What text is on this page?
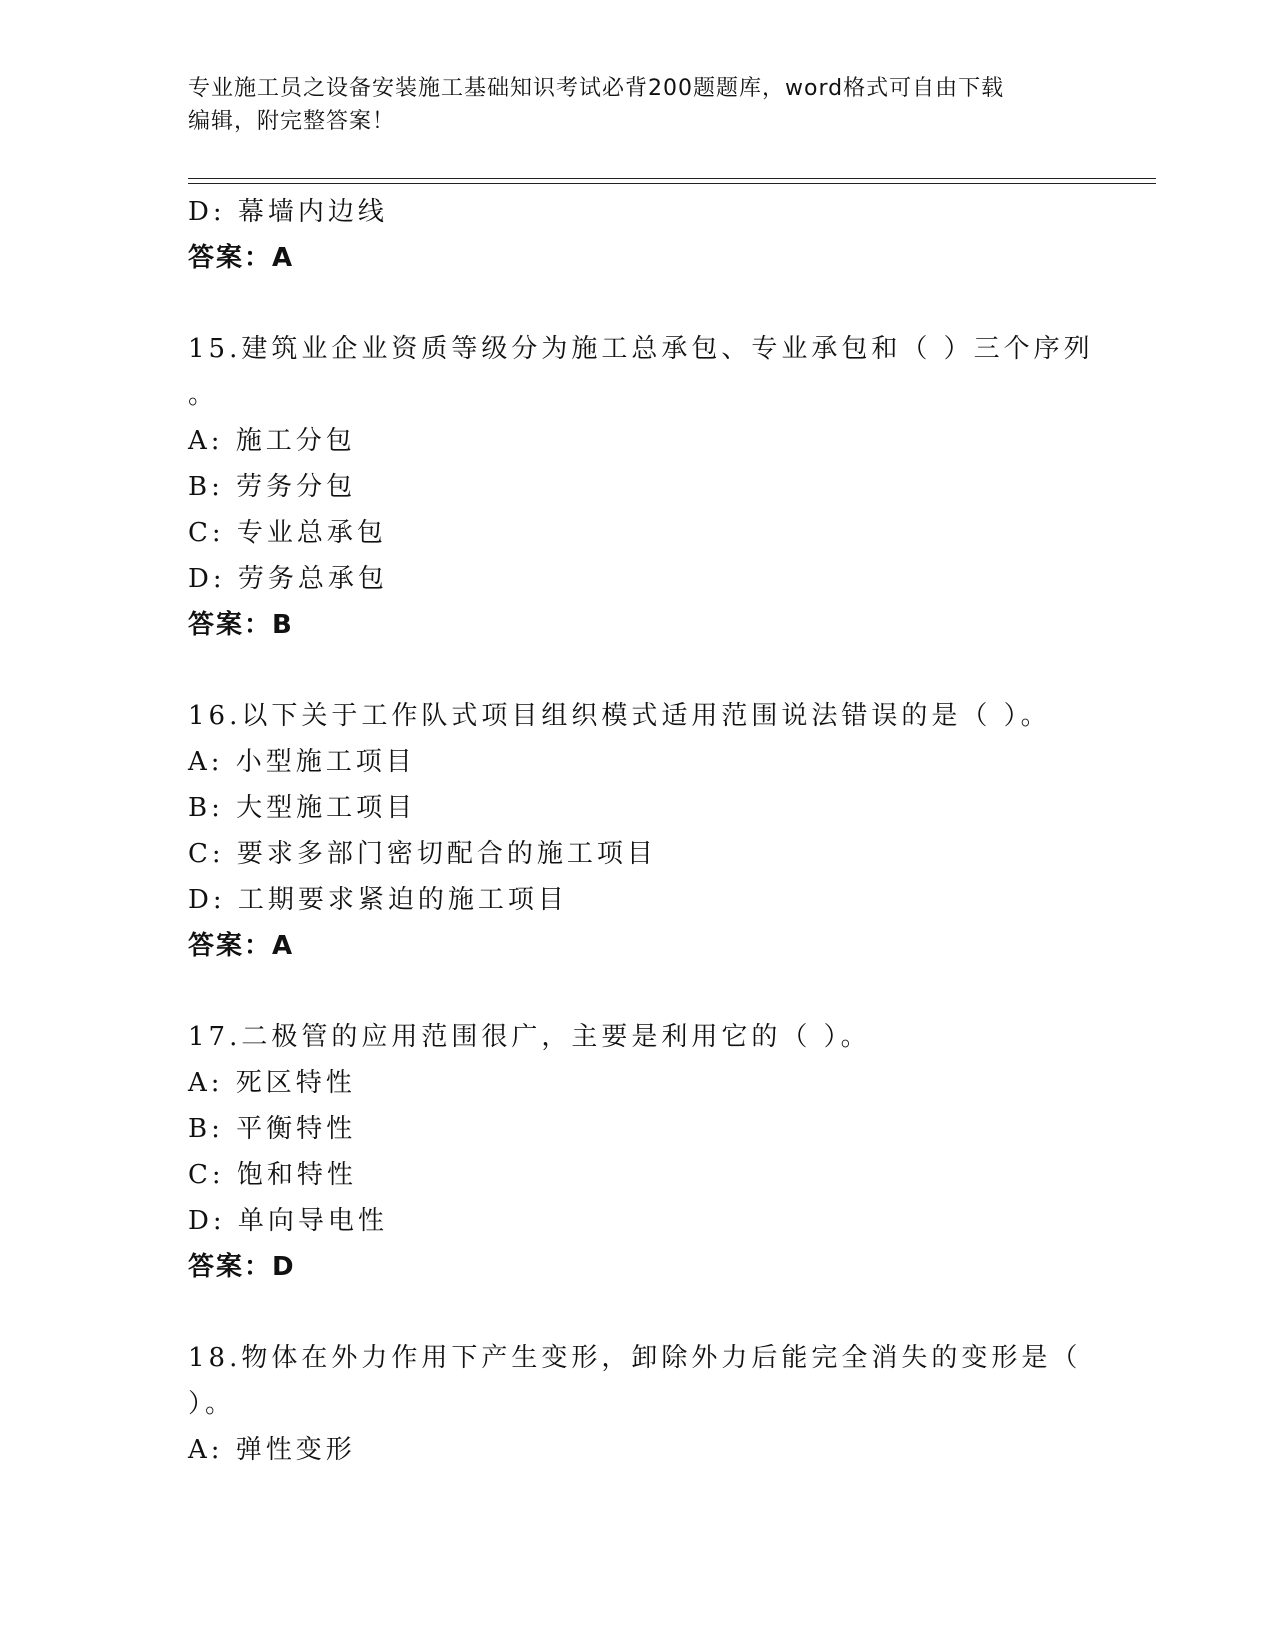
专业施工员之设备安装施工基础知识考试必背200题题库，word格式可自由下载
编辑，附完整答案！
D: 幕墙内边线
答案：A
15.建筑业企业资质等级分为施工总承包、专业承包和（ ）三个序列
。
A: 施工分包
B: 劳务分包
C: 专业总承包
D: 劳务总承包
答案：B
16.以下关于工作队式项目组织模式适用范围说法错误的是（ ）。
A: 小型施工项目
B: 大型施工项目
C: 要求多部门密切配合的施工项目
D: 工期要求紧迫的施工项目
答案：A
17.二极管的应用范围很广，主要是利用它的（ ）。
A: 死区特性
B: 平衡特性
C: 饱和特性
D: 单向导电性
答案：D
18.物体在外力作用下产生变形，卸除外力后能完全消失的变形是（
）。
A: 弹性变形
